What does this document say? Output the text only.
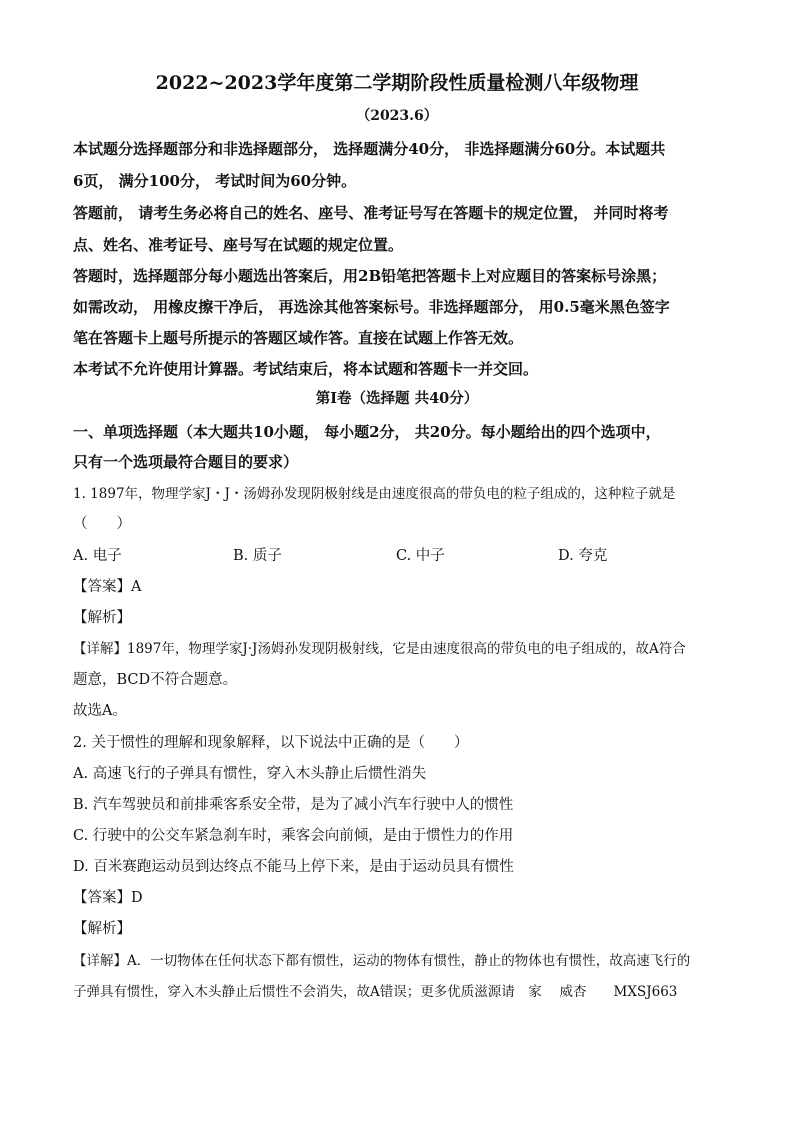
2022~2023学年度第二学期阶段性质量检测八年级物理
（2023.6）
本试题分选择题部分和非选择题部分， 选择题满分40分， 非选择题满分60分。本试题共
6页， 满分100分， 考试时间为60分钟。
答题前， 请考生务必将自己的姓名、座号、准考证号写在答题卡的规定位置， 并同时将考
点、姓名、准考证号、座号写在试题的规定位置。
答题时，选择题部分每小题选出答案后，用2B铅笔把答题卡上对应题目的答案标号涂黑；
如需改动， 用橡皮擦干净后， 再选涂其他答案标号。非选择题部分， 用0.5毫米黑色签字
笔在答题卡上题号所提示的答题区域作答。直接在试题上作答无效。
本考试不允许使用计算器。考试结束后，将本试题和答题卡一并交回。
第Ⅰ卷（选择题 共40分）
一、单项选择题（本大题共10小题， 每小题2分， 共20分。每小题给出的四个选项中，
只有一个选项最符合题目的要求）
1. 1897年，物理学家J・J・汤姆孙发现阴极射线是由速度很高的带负电的粒子组成的，这种粒子就是
（　　）
A. 电子	B. 质子	C. 中子	D. 夸克
【答案】A
【解析】
【详解】1897年，物理学家J·J汤姆孙发现阴极射线，它是由速度很高的带负电的电子组成的，故A符合
题意，BCD不符合题意。
故选A。
2. 关于惯性的理解和现象解释，以下说法中正确的是（　　）
A. 高速飞行的子弹具有惯性，穿入木头静止后惯性消失
B. 汽车驾驶员和前排乘客系安全带，是为了减小汽车行驶中人的惯性
C. 行驶中的公交车紧急刹车时，乘客会向前倾，是由于惯性力的作用
D. 百米赛跑运动员到达终点不能马上停下来，是由于运动员具有惯性
【答案】D
【解析】
【详解】A．一切物体在任何状态下都有惯性，运动的物体有惯性，静止的物体也有惯性，故高速飞行的
子弹具有惯性，穿入木头静止后惯性不会消失，故A错误；更多优质滋源请　家　 威杏　　MXSJ663
